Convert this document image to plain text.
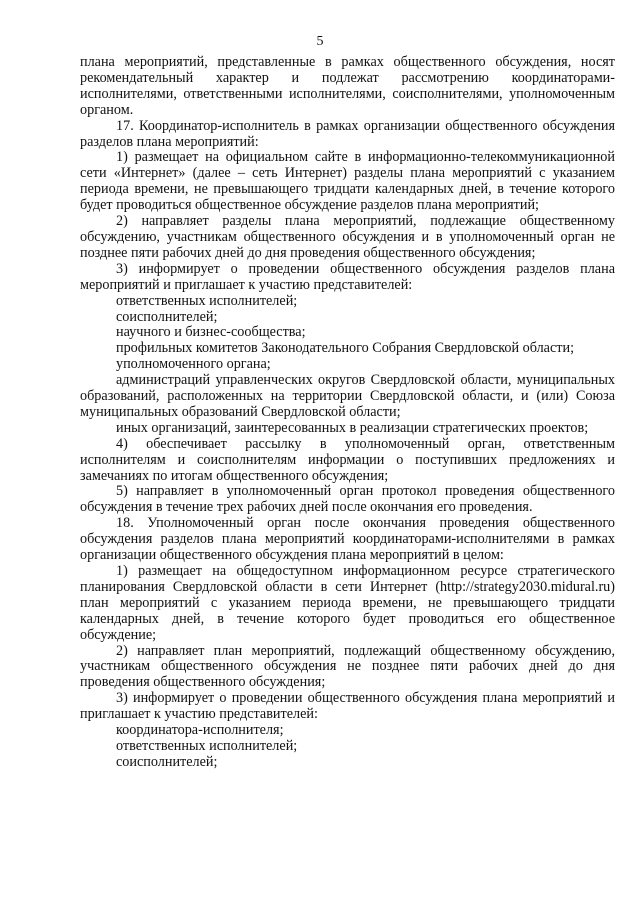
5

плана мероприятий, представленные в рамках общественного обсуждения, носят рекомендательный характер и подлежат рассмотрению координаторами-исполнителями, ответственными исполнителями, соисполнителями, уполномоченным органом.

17. Координатор-исполнитель в рамках организации общественного обсуждения разделов плана мероприятий:

1) размещает на официальном сайте в информационно-телекоммуникационной сети «Интернет» (далее – сеть Интернет) разделы плана мероприятий с указанием периода времени, не превышающего тридцати календарных дней, в течение которого будет проводиться общественное обсуждение разделов плана мероприятий;

2) направляет разделы плана мероприятий, подлежащие общественному обсуждению, участникам общественного обсуждения и в уполномоченный орган не позднее пяти рабочих дней до дня проведения общественного обсуждения;

3) информирует о проведении общественного обсуждения разделов плана мероприятий и приглашает к участию представителей:

ответственных исполнителей;

соисполнителей;

научного и бизнес-сообщества;

профильных комитетов Законодательного Собрания Свердловской области;

уполномоченного органа;

администраций управленческих округов Свердловской области, муниципальных образований, расположенных на территории Свердловской области, и (или) Союза муниципальных образований Свердловской области;

иных организаций, заинтересованных в реализации стратегических проектов;

4) обеспечивает рассылку в уполномоченный орган, ответственным исполнителям и соисполнителям информации о поступивших предложениях и замечаниях по итогам общественного обсуждения;

5) направляет в уполномоченный орган протокол проведения общественного обсуждения в течение трех рабочих дней после окончания его проведения.

18. Уполномоченный орган после окончания проведения общественного обсуждения разделов плана мероприятий координаторами-исполнителями в рамках организации общественного обсуждения плана мероприятий в целом:

1) размещает на общедоступном информационном ресурсе стратегического планирования Свердловской области в сети Интернет (http://strategy2030.midural.ru) план мероприятий с указанием периода времени, не превышающего тридцати календарных дней, в течение которого будет проводиться его общественное обсуждение;

2) направляет план мероприятий, подлежащий общественному обсуждению, участникам общественного обсуждения не позднее пяти рабочих дней до дня проведения общественного обсуждения;

3) информирует о проведении общественного обсуждения плана мероприятий и приглашает к участию представителей:

координатора-исполнителя;

ответственных исполнителей;

соисполнителей;
